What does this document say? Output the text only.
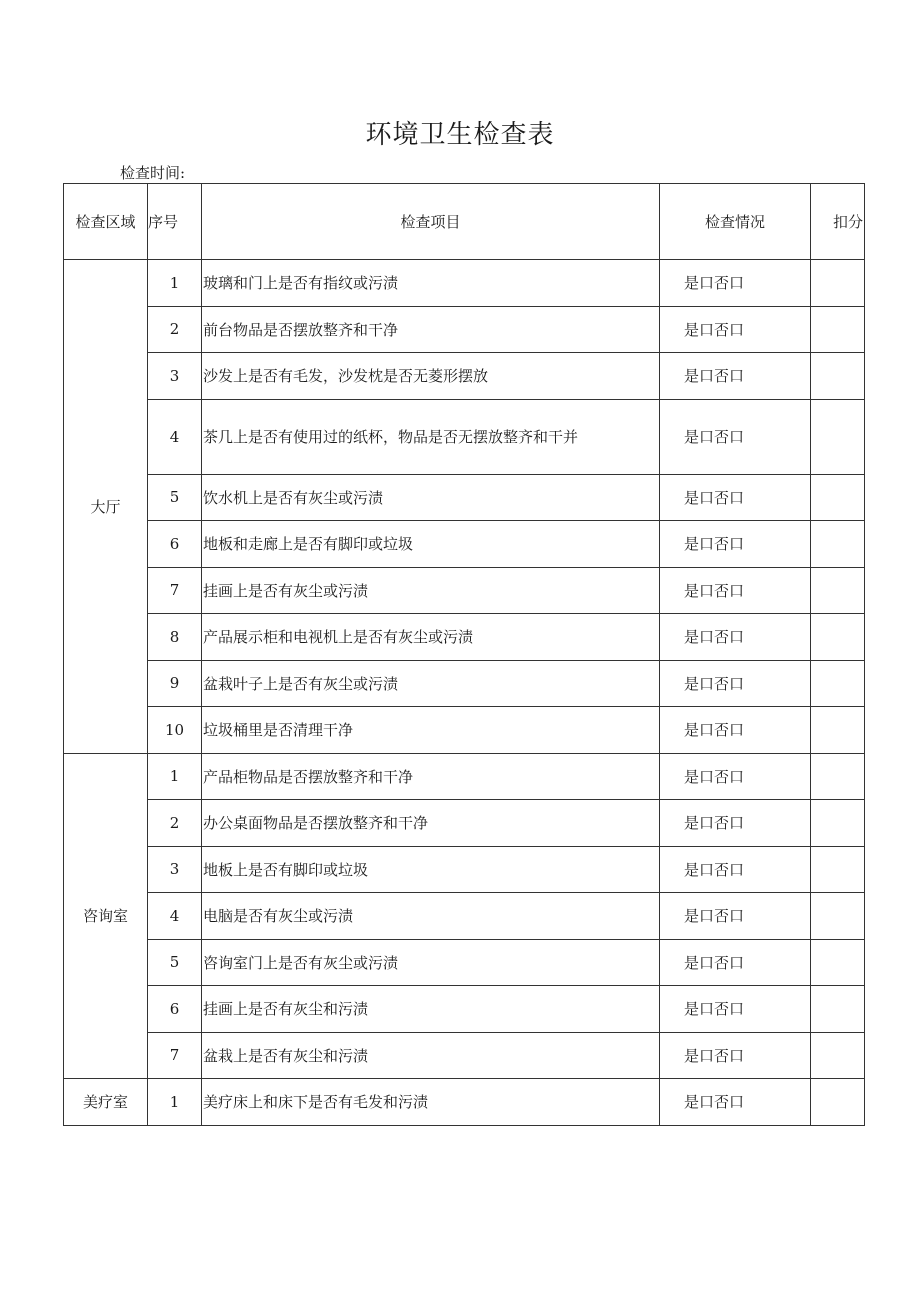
环境卫生检查表
检查时间:
检查区域	序号	检查项目	检查情况	扣分
大厅	1	玻璃和门上是否有指纹或污渍	是口否口	
	2	前台物品是否摆放整齐和干净	是口否口	
	3	沙发上是否有毛发，沙发枕是否无菱形摆放	是口否口	
	4	茶几上是否有使用过的纸杯，物品是否无摆放整齐和干并	是口否口	
	5	饮水机上是否有灰尘或污渍	是口否口	
	6	地板和走廊上是否有脚印或垃圾	是口否口	
	7	挂画上是否有灰尘或污渍	是口否口	
	8	产品展示柜和电视机上是否有灰尘或污渍	是口否口	
	9	盆栽叶子上是否有灰尘或污渍	是口否口	
	10	垃圾桶里是否清理干净	是口否口	
咨询室	1	产品柜物品是否摆放整齐和干净	是口否口	
	2	办公桌面物品是否摆放整齐和干净	是口否口	
	3	地板上是否有脚印或垃圾	是口否口	
	4	电脑是否有灰尘或污渍	是口否口	
	5	咨询室门上是否有灰尘或污渍	是口否口	
	6	挂画上是否有灰尘和污渍	是口否口	
	7	盆栽上是否有灰尘和污渍	是口否口	
美疗室	1	美疗床上和床下是否有毛发和污渍	是口否口	
